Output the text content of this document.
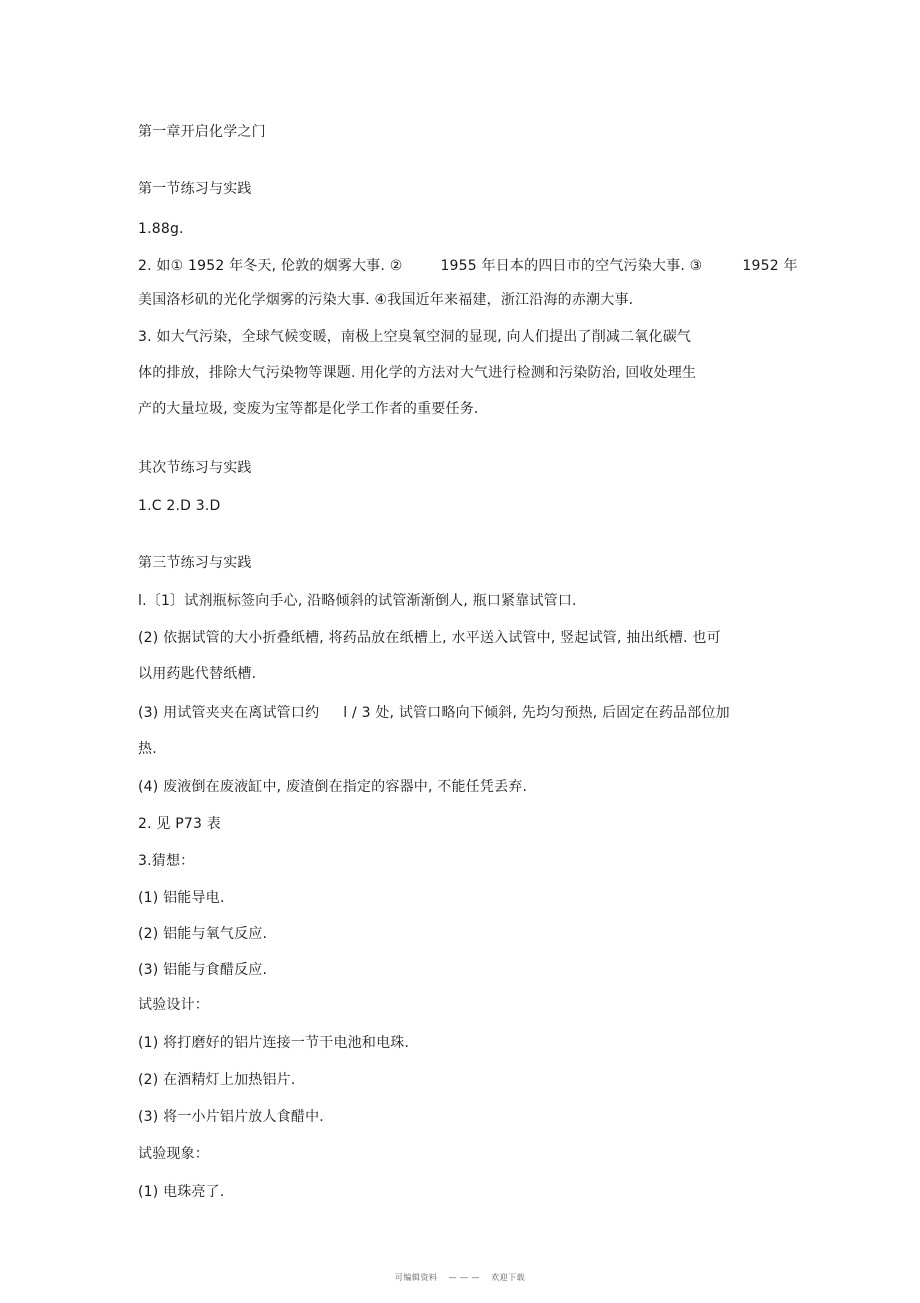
第一章开启化学之门
第一节练习与实践
1.88g.
2. 如① 1952 年冬天, 伦敦的烟雾大事. ②	1955 年日本的四日市的空气污染大事. ③	1952 年
美国洛杉矶的光化学烟雾的污染大事. ④我国近年来福建，浙江沿海的赤潮大事.
3. 如大气污染，全球气候变暖，南极上空臭氧空洞的显现, 向人们提出了削减二氧化碳气
体的排放，排除大气污染物等课题. 用化学的方法对大气进行检测和污染防治, 回收处理生
产的大量垃圾, 变废为宝等都是化学工作者的重要任务.
其次节练习与实践
1.C 2.D 3.D
第三节练习与实践
l.〔1〕试剂瓶标签向手心, 沿略倾斜的试管渐渐倒人, 瓶口紧靠试管口.
(2) 依据试管的大小折叠纸槽, 将药品放在纸槽上, 水平送入试管中, 竖起试管, 抽出纸槽. 也可
以用药匙代替纸槽.
(3) 用试管夹夹在离试管口约 l / 3 处, 试管口略向下倾斜, 先均匀预热, 后固定在药品部位加
热.
(4) 废液倒在废液缸中, 废渣倒在指定的容器中, 不能任凭丢弃.
2. 见 P73 表
3.猜想：
(1) 铝能导电.
(2) 铝能与氧气反应.
(3) 铝能与食醋反应.
试验设计：
(1) 将打磨好的铝片连接一节干电池和电珠.
(2) 在酒精灯上加热铝片.
(3) 将一小片铝片放人食醋中.
试验现象：
(1) 电珠亮了.
可编辑资料 — — — 欢迎下载
